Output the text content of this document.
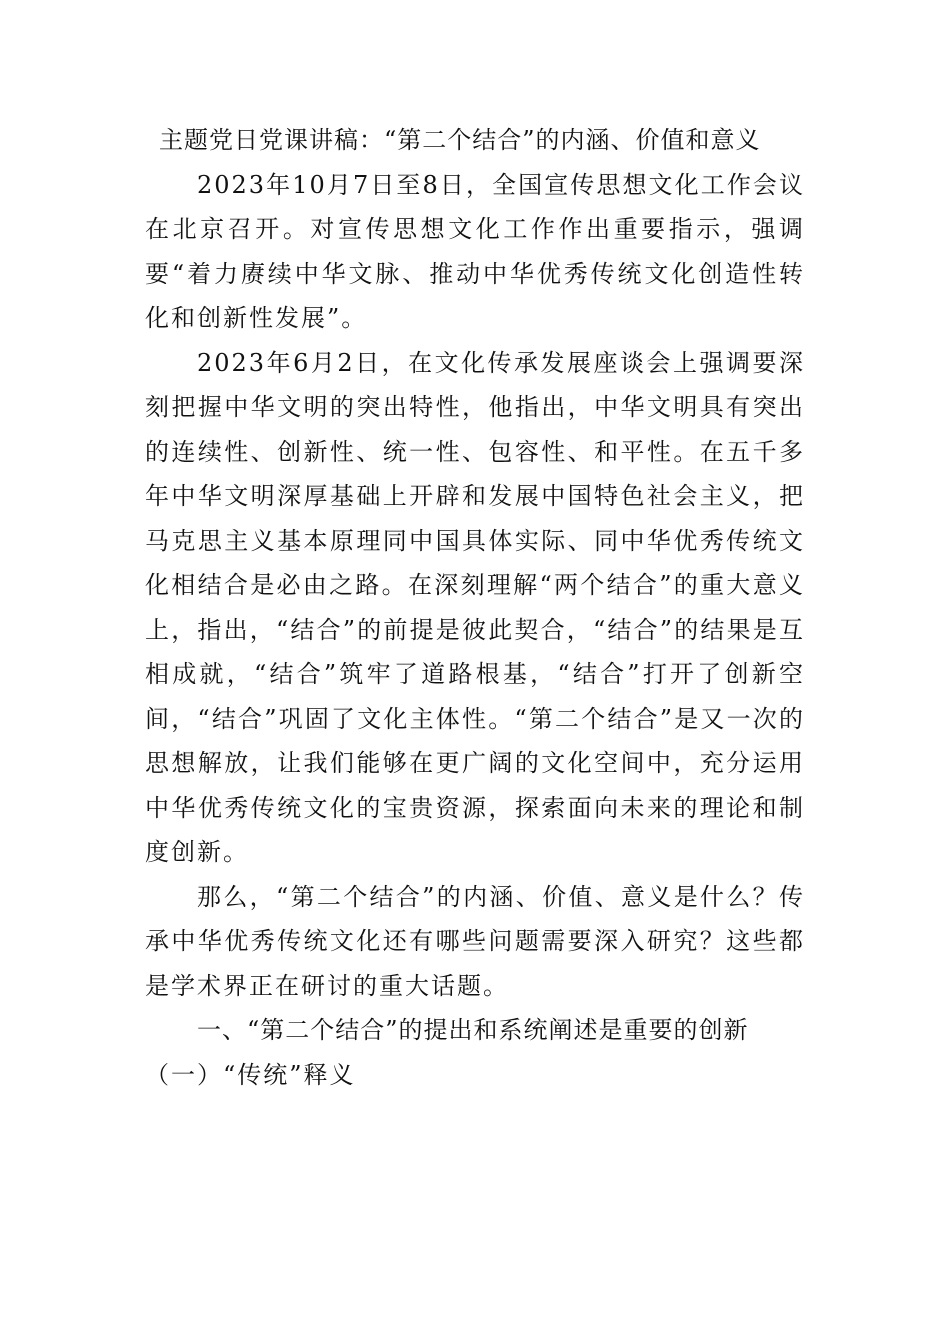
主题党日党课讲稿：“第二个结合”的内涵、价值和意义

2023年10月7日至8日，全国宣传思想文化工作会议在北京召开。对宣传思想文化工作作出重要指示，强调要“着力赓续中华文脉、推动中华优秀传统文化创造性转化和创新性发展”。

2023年6月2日，在文化传承发展座谈会上强调要深刻把握中华文明的突出特性，他指出，中华文明具有突出的连续性、创新性、统一性、包容性、和平性。在五千多年中华文明深厚基础上开辟和发展中国特色社会主义，把马克思主义基本原理同中国具体实际、同中华优秀传统文化相结合是必由之路。在深刻理解“两个结合”的重大意义上，指出，“结合”的前提是彼此契合，“结合”的结果是互相成就，“结合”筑牢了道路根基，“结合”打开了创新空间，“结合”巩固了文化主体性。“第二个结合”是又一次的思想解放，让我们能够在更广阔的文化空间中，充分运用中华优秀传统文化的宝贵资源，探索面向未来的理论和制度创新。

那么，“第二个结合”的内涵、价值、意义是什么？传承中华优秀传统文化还有哪些问题需要深入研究？这些都是学术界正在研讨的重大话题。

一、“第二个结合”的提出和系统阐述是重要的创新
（一）“传统”释义
